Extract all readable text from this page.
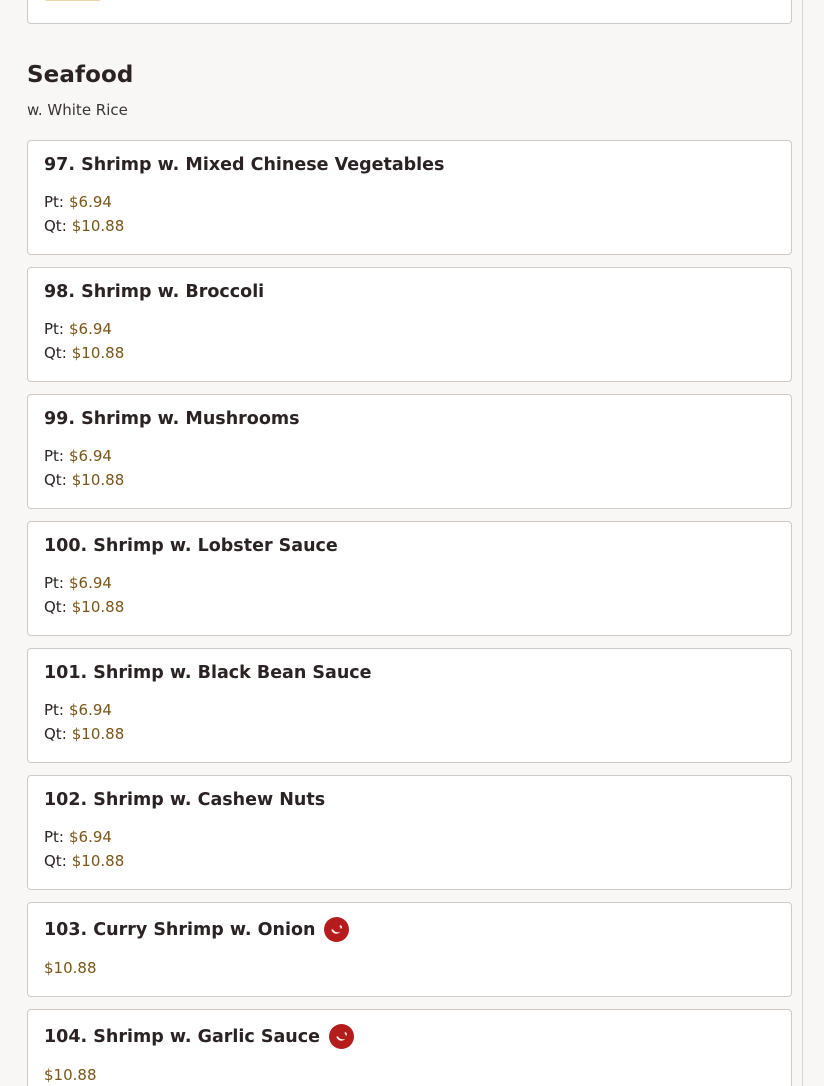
Seafood

w. White Rice

97. Shrimp w. Mixed Chinese Vegetables
Pt: $6.94
Qt: $10.88
98. Shrimp w. Broccoli
Pt: $6.94
Qt: $10.88
99. Shrimp w. Mushrooms
Pt: $6.94
Qt: $10.88
100. Shrimp w. Lobster Sauce
Pt: $6.94
Qt: $10.88
101. Shrimp w. Black Bean Sauce
Pt: $6.94
Qt: $10.88
102. Shrimp w. Cashew Nuts
Pt: $6.94
Qt: $10.88
103. Curry Shrimp w. Onion
$10.88
104. Shrimp w. Garlic Sauce
$10.88
